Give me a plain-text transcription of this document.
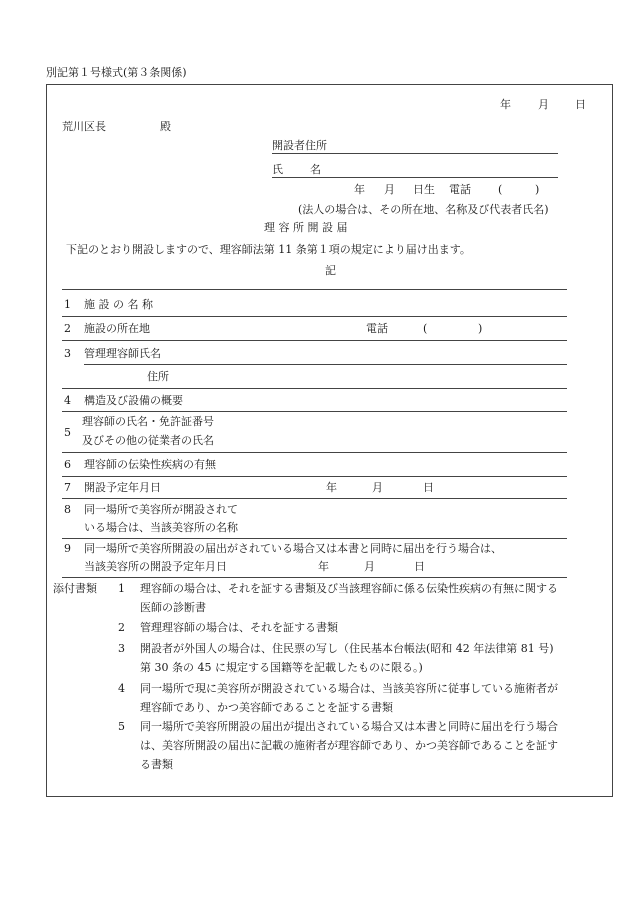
別記第１号様式(第３条関係)
年 月 日
荒川区長	殿
開設者住所
氏 名
年 月 日生 電話 (	)
(法人の場合は、その所在地、名称及び代表者氏名)
理 容 所 開 設 届
下記のとおり開設しますので、理容師法第 11 条第１項の規定により届け出ます。
記
1 施 設 の 名 称
2 施設の所在地	電話	(	)
3 管理理容師氏名
住所
4 構造及び設備の概要
5
理容師の氏名・免許証番号
及びその他の従業者の氏名
6 理容師の伝染性疾病の有無
7 開設予定年月日	年	月	日
8 同一場所で美容所が開設されて
いる場合は、当該美容所の名称
9 同一場所で美容所開設の届出がされている場合又は本書と同時に届出を行う場合は、
当該美容所の開設予定年月日	年	月	日
添付書類 1 理容師の場合は、それを証する書類及び当該理容師に係る伝染性疾病の有無に関する
医師の診断書
2 管理理容師の場合は、それを証する書類
3 開設者が外国人の場合は、住民票の写し（住民基本台帳法(昭和 42 年法律第 81 号)
第 30 条の 45 に規定する国籍等を記載したものに限る。)
4 同一場所で現に美容所が開設されている場合は、当該美容所に従事している施術者が
理容師であり、かつ美容師であることを証する書類
5 同一場所で美容所開設の届出が提出されている場合又は本書と同時に届出を行う場合
は、美容所開設の届出に記載の施術者が理容師であり、かつ美容師であることを証す
る書類
